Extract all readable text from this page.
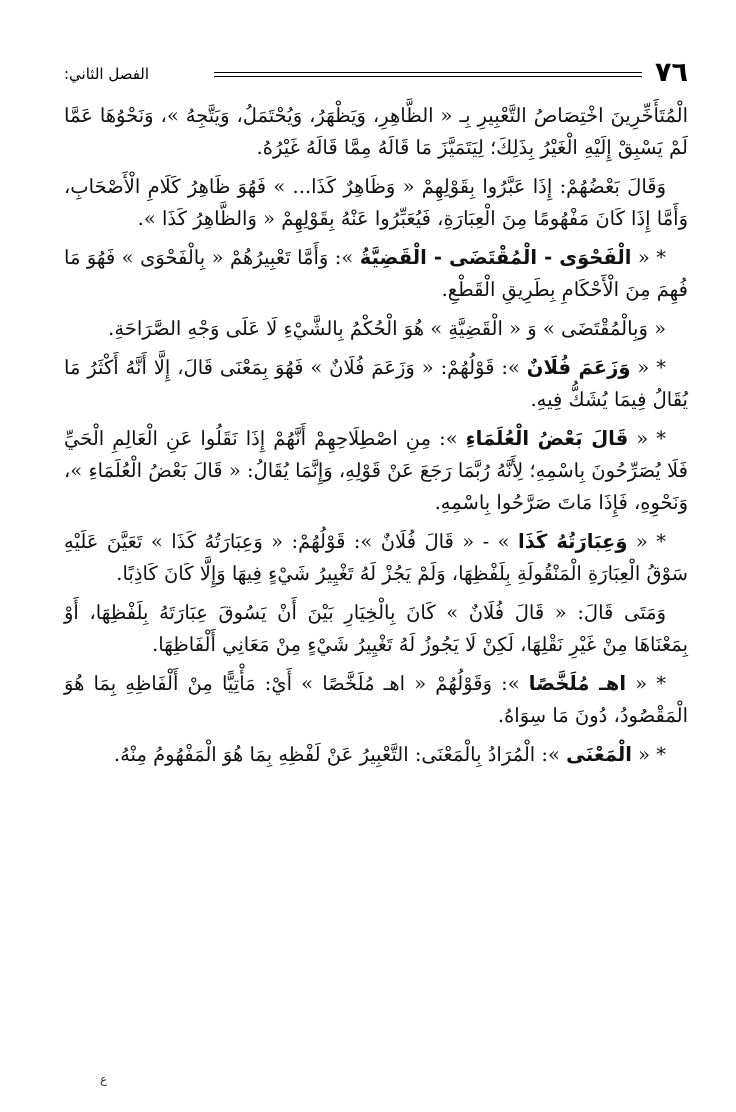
٧٦
الفصل الثاني:

الْمُتَأَخِّرِينَ اخْتِصَاصُ التَّعْبِيرِ بِـ « الظَّاهِرِ، وَيَظْهَرُ، وَيُحْتَمَلُ، وَيَتَّجِهُ »، وَنَحْوُهَا عَمَّا لَمْ يَسْبِقْ إِلَيْهِ الْغَيْرُ بِذَلِكَ؛ لِيَتَمَيَّزَ مَا قَالَهُ مِمَّا قَالَهُ غَيْرُهُ.

وَقَالَ بَعْضُهُمْ: إِذَا عَبَّرُوا بِقَوْلِهِمْ « وَظَاهِرٌ كَذَا... » فَهُوَ ظَاهِرُ كَلَامِ الْأَصْحَابِ، وَأَمَّا إِذَا كَانَ مَفْهُومًا مِنَ الْعِبَارَةِ، فَيُعَبِّرُوا عَنْهُ بِقَوْلِهِمْ « وَالظَّاهِرُ كَذَا ».

* « الْفَحْوَى - الْمُقْتَضَى - الْقَضِيَّةُ »: وَأَمَّا تَعْبِيرُهُمْ « بِالْفَحْوَى » فَهُوَ مَا فُهِمَ مِنَ الْأَحْكَامِ بِطَرِيقِ الْقَطْعِ.

« وَبِالْمُقْتَضَى » وَ « الْقَضِيَّةِ » هُوَ الْحُكْمُ بِالشَّيْءِ لَا عَلَى وَجْهِ الصَّرَاحَةِ.

* « وَزَعَمَ فُلَانٌ »: قَوْلُهُمْ: « وَزَعَمَ فُلَانٌ » فَهُوَ بِمَعْنَى قَالَ، إِلَّا أَنَّهُ أَكْثَرُ مَا يُقَالُ فِيمَا يُشَكُّ فِيهِ.

* « قَالَ بَعْضُ الْعُلَمَاءِ »: مِنِ اصْطِلَاحِهِمْ أَنَّهُمْ إِذَا نَقَلُوا عَنِ الْعَالِمِ الْحَيِّ فَلَا يُصَرِّحُونَ بِاسْمِهِ؛ لِأَنَّهُ رُبَّمَا رَجَعَ عَنْ قَوْلِهِ، وَإِنَّمَا يُقَالُ: « قَالَ بَعْضُ الْعُلَمَاءِ »، وَنَحْوِهِ، فَإِذَا مَاتَ صَرَّحُوا بِاسْمِهِ.

* « وَعِبَارَتُهُ كَذَا » - « قَالَ فُلَانٌ »: قَوْلُهُمْ: « وَعِبَارَتُهُ كَذَا » تَعَيَّنَ عَلَيْهِ سَوْقُ الْعِبَارَةِ الْمَنْقُولَةِ بِلَفْظِهَا، وَلَمْ يَجُزْ لَهُ تَغْيِيرُ شَيْءٍ فِيهَا وَإِلَّا كَانَ كَاذِبًا.

وَمَتَى قَالَ: « قَالَ فُلَانٌ » كَانَ بِالْخِيَارِ بَيْنَ أَنْ يَسُوقَ عِبَارَتَهُ بِلَفْظِهَا، أَوْ بِمَعْنَاهَا مِنْ غَيْرِ نَقْلِهَا، لَكِنْ لَا يَجُوزُ لَهُ تَغْيِيرُ شَيْءٍ مِنْ مَعَانِي أَلْفَاظِهَا.

* « اهـ مُلَخَّصًا »: وَقَوْلُهُمْ « اهـ مُلَخَّصًا » أَيْ: مَأْتِيًّا مِنْ أَلْفَاظِهِ بِمَا هُوَ الْمَقْصُودُ، دُونَ مَا سِوَاهُ.

* « الْمَعْنَى »: الْمُرَادُ بِالْمَعْنَى: التَّعْبِيرُ عَنْ لَفْظِهِ بِمَا هُوَ الْمَفْهُومُ مِنْهُ.

ع
